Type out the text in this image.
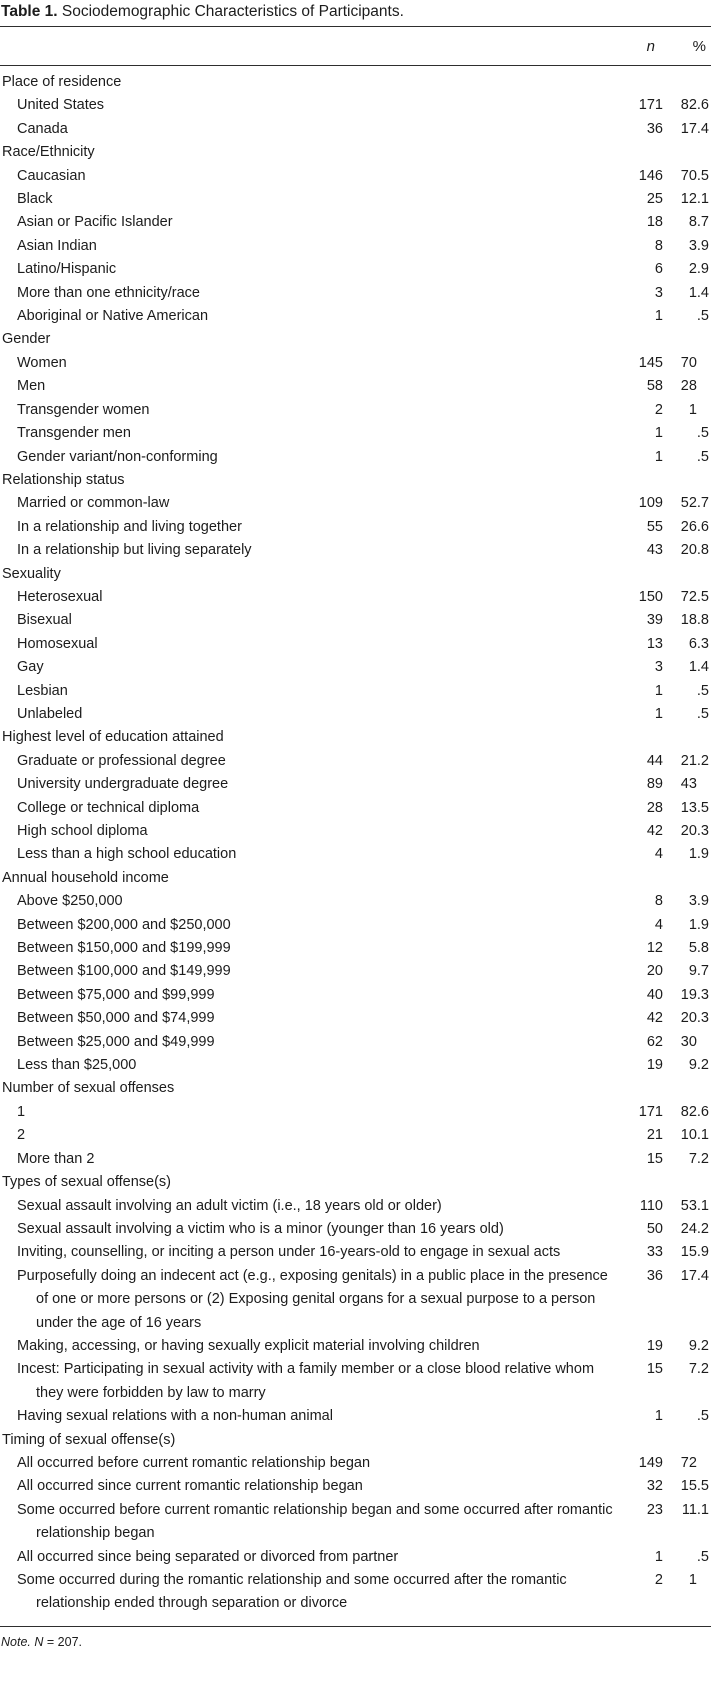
Table 1. Sociodemographic Characteristics of Participants.
	n	%
Place of residence		
United States	171	82.6
Canada	36	17.4
Race/Ethnicity		
Caucasian	146	70.5
Black	25	12.1
Asian or Pacific Islander	18	8.7
Asian Indian	8	3.9
Latino/Hispanic	6	2.9
More than one ethnicity/race	3	1.4
Aboriginal or Native American	1	.5
Gender		
Women	145	70
Men	58	28
Transgender women	2	1
Transgender men	1	.5
Gender variant/non-conforming	1	.5
Relationship status		
Married or common-law	109	52.7
In a relationship and living together	55	26.6
In a relationship but living separately	43	20.8
Sexuality		
Heterosexual	150	72.5
Bisexual	39	18.8
Homosexual	13	6.3
Gay	3	1.4
Lesbian	1	.5
Unlabeled	1	.5
Highest level of education attained		
Graduate or professional degree	44	21.2
University undergraduate degree	89	43
College or technical diploma	28	13.5
High school diploma	42	20.3
Less than a high school education	4	1.9
Annual household income		
Above $250,000	8	3.9
Between $200,000 and $250,000	4	1.9
Between $150,000 and $199,999	12	5.8
Between $100,000 and $149,999	20	9.7
Between $75,000 and $99,999	40	19.3
Between $50,000 and $74,999	42	20.3
Between $25,000 and $49,999	62	30
Less than $25,000	19	9.2
Number of sexual offenses		
1	171	82.6
2	21	10.1
More than 2	15	7.2
Types of sexual offense(s)		
Sexual assault involving an adult victim (i.e., 18 years old or older)	110	53.1
Sexual assault involving a victim who is a minor (younger than 16 years old)	50	24.2
Inviting, counselling, or inciting a person under 16-years-old to engage in sexual acts	33	15.9
Purposefully doing an indecent act (e.g., exposing genitals) in a public place in the presence of one or more persons or (2) Exposing genital organs for a sexual purpose to a person under the age of 16 years	36	17.4
Making, accessing, or having sexually explicit material involving children	19	9.2
Incest: Participating in sexual activity with a family member or a close blood relative whom they were forbidden by law to marry	15	7.2
Having sexual relations with a non-human animal	1	.5
Timing of sexual offense(s)		
All occurred before current romantic relationship began	149	72
All occurred since current romantic relationship began	32	15.5
Some occurred before current romantic relationship began and some occurred after romantic relationship began	23	11.1
All occurred since being separated or divorced from partner	1	.5
Some occurred during the romantic relationship and some occurred after the romantic relationship ended through separation or divorce	2	1
Note. N = 207.
